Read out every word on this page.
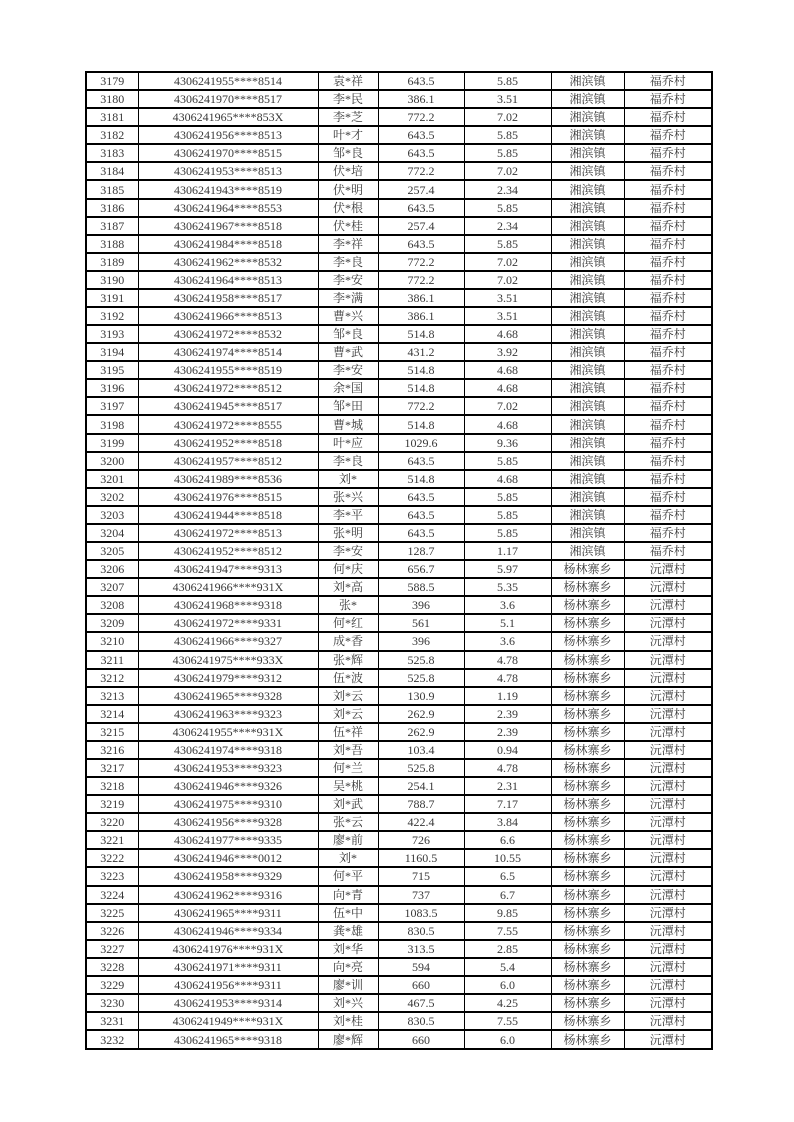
3179	4306241955****8514	袁*祥	643.5	5.85	湘滨镇	福乔村
3180	4306241970****8517	李*民	386.1	3.51	湘滨镇	福乔村
3181	4306241965****853X	李*芝	772.2	7.02	湘滨镇	福乔村
3182	4306241956****8513	叶*才	643.5	5.85	湘滨镇	福乔村
3183	4306241970****8515	邹*良	643.5	5.85	湘滨镇	福乔村
3184	4306241953****8513	伏*培	772.2	7.02	湘滨镇	福乔村
3185	4306241943****8519	伏*明	257.4	2.34	湘滨镇	福乔村
3186	4306241964****8553	伏*根	643.5	5.85	湘滨镇	福乔村
3187	4306241967****8518	伏*桂	257.4	2.34	湘滨镇	福乔村
3188	4306241984****8518	李*祥	643.5	5.85	湘滨镇	福乔村
3189	4306241962****8532	李*良	772.2	7.02	湘滨镇	福乔村
3190	4306241964****8513	李*安	772.2	7.02	湘滨镇	福乔村
3191	4306241958****8517	李*满	386.1	3.51	湘滨镇	福乔村
3192	4306241966****8513	曹*兴	386.1	3.51	湘滨镇	福乔村
3193	4306241972****8532	邹*良	514.8	4.68	湘滨镇	福乔村
3194	4306241974****8514	曹*武	431.2	3.92	湘滨镇	福乔村
3195	4306241955****8519	李*安	514.8	4.68	湘滨镇	福乔村
3196	4306241972****8512	余*国	514.8	4.68	湘滨镇	福乔村
3197	4306241945****8517	邹*田	772.2	7.02	湘滨镇	福乔村
3198	4306241972****8555	曹*城	514.8	4.68	湘滨镇	福乔村
3199	4306241952****8518	叶*应	1029.6	9.36	湘滨镇	福乔村
3200	4306241957****8512	李*良	643.5	5.85	湘滨镇	福乔村
3201	4306241989****8536	刘*	514.8	4.68	湘滨镇	福乔村
3202	4306241976****8515	张*兴	643.5	5.85	湘滨镇	福乔村
3203	4306241944****8518	李*平	643.5	5.85	湘滨镇	福乔村
3204	4306241972****8513	张*明	643.5	5.85	湘滨镇	福乔村
3205	4306241952****8512	李*安	128.7	1.17	湘滨镇	福乔村
3206	4306241947****9313	何*庆	656.7	5.97	杨林寨乡	沅潭村
3207	4306241966****931X	刘*高	588.5	5.35	杨林寨乡	沅潭村
3208	4306241968****9318	张*	396	3.6	杨林寨乡	沅潭村
3209	4306241972****9331	何*红	561	5.1	杨林寨乡	沅潭村
3210	4306241966****9327	成*香	396	3.6	杨林寨乡	沅潭村
3211	4306241975****933X	张*辉	525.8	4.78	杨林寨乡	沅潭村
3212	4306241979****9312	伍*波	525.8	4.78	杨林寨乡	沅潭村
3213	4306241965****9328	刘*云	130.9	1.19	杨林寨乡	沅潭村
3214	4306241963****9323	刘*云	262.9	2.39	杨林寨乡	沅潭村
3215	4306241955****931X	伍*祥	262.9	2.39	杨林寨乡	沅潭村
3216	4306241974****9318	刘*吾	103.4	0.94	杨林寨乡	沅潭村
3217	4306241953****9323	何*兰	525.8	4.78	杨林寨乡	沅潭村
3218	4306241946****9326	吴*桃	254.1	2.31	杨林寨乡	沅潭村
3219	4306241975****9310	刘*武	788.7	7.17	杨林寨乡	沅潭村
3220	4306241956****9328	张*云	422.4	3.84	杨林寨乡	沅潭村
3221	4306241977****9335	廖*前	726	6.6	杨林寨乡	沅潭村
3222	4306241946****0012	刘*	1160.5	10.55	杨林寨乡	沅潭村
3223	4306241958****9329	何*平	715	6.5	杨林寨乡	沅潭村
3224	4306241962****9316	向*青	737	6.7	杨林寨乡	沅潭村
3225	4306241965****9311	伍*中	1083.5	9.85	杨林寨乡	沅潭村
3226	4306241946****9334	龚*雄	830.5	7.55	杨林寨乡	沅潭村
3227	4306241976****931X	刘*华	313.5	2.85	杨林寨乡	沅潭村
3228	4306241971****9311	向*亮	594	5.4	杨林寨乡	沅潭村
3229	4306241956****9311	廖*训	660	6.0	杨林寨乡	沅潭村
3230	4306241953****9314	刘*兴	467.5	4.25	杨林寨乡	沅潭村
3231	4306241949****931X	刘*桂	830.5	7.55	杨林寨乡	沅潭村
3232	4306241965****9318	廖*辉	660	6.0	杨林寨乡	沅潭村
